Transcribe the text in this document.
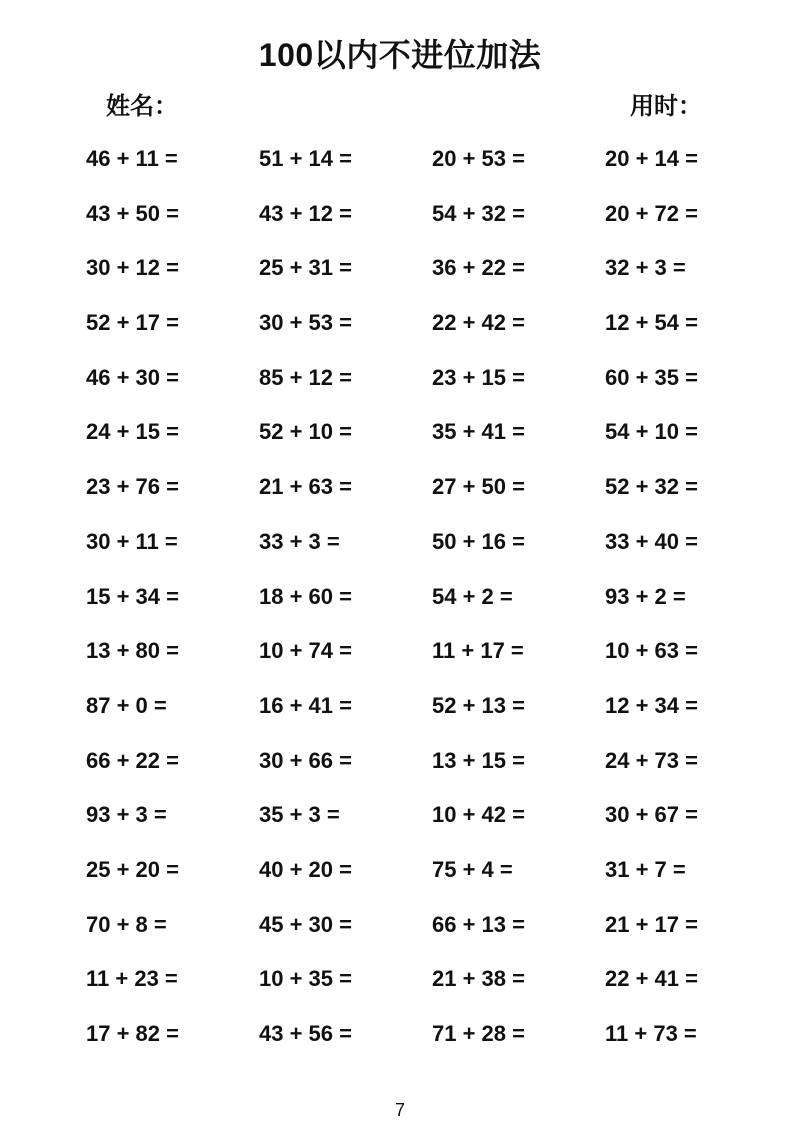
100以内不进位加法
姓名：	用时：
46 + 11 =	51 + 14 =	20 + 53 =	20 + 14 =
43 + 50 =	43 + 12 =	54 + 32 =	20 + 72 =
30 + 12 =	25 + 31 =	36 + 22 =	32 + 3 =
52 + 17 =	30 + 53 =	22 + 42 =	12 + 54 =
46 + 30 =	85 + 12 =	23 + 15 =	60 + 35 =
24 + 15 =	52 + 10 =	35 + 41 =	54 + 10 =
23 + 76 =	21 + 63 =	27 + 50 =	52 + 32 =
30 + 11 =	33 + 3 =	50 + 16 =	33 + 40 =
15 + 34 =	18 + 60 =	54 + 2 =	93 + 2 =
13 + 80 =	10 + 74 =	11 + 17 =	10 + 63 =
87 + 0 =	16 + 41 =	52 + 13 =	12 + 34 =
66 + 22 =	30 + 66 =	13 + 15 =	24 + 73 =
93 + 3 =	35 + 3 =	10 + 42 =	30 + 67 =
25 + 20 =	40 + 20 =	75 + 4 =	31 + 7 =
70 + 8 =	45 + 30 =	66 + 13 =	21 + 17 =
11 + 23 =	10 + 35 =	21 + 38 =	22 + 41 =
17 + 82 =	43 + 56 =	71 + 28 =	11 + 73 =
7
